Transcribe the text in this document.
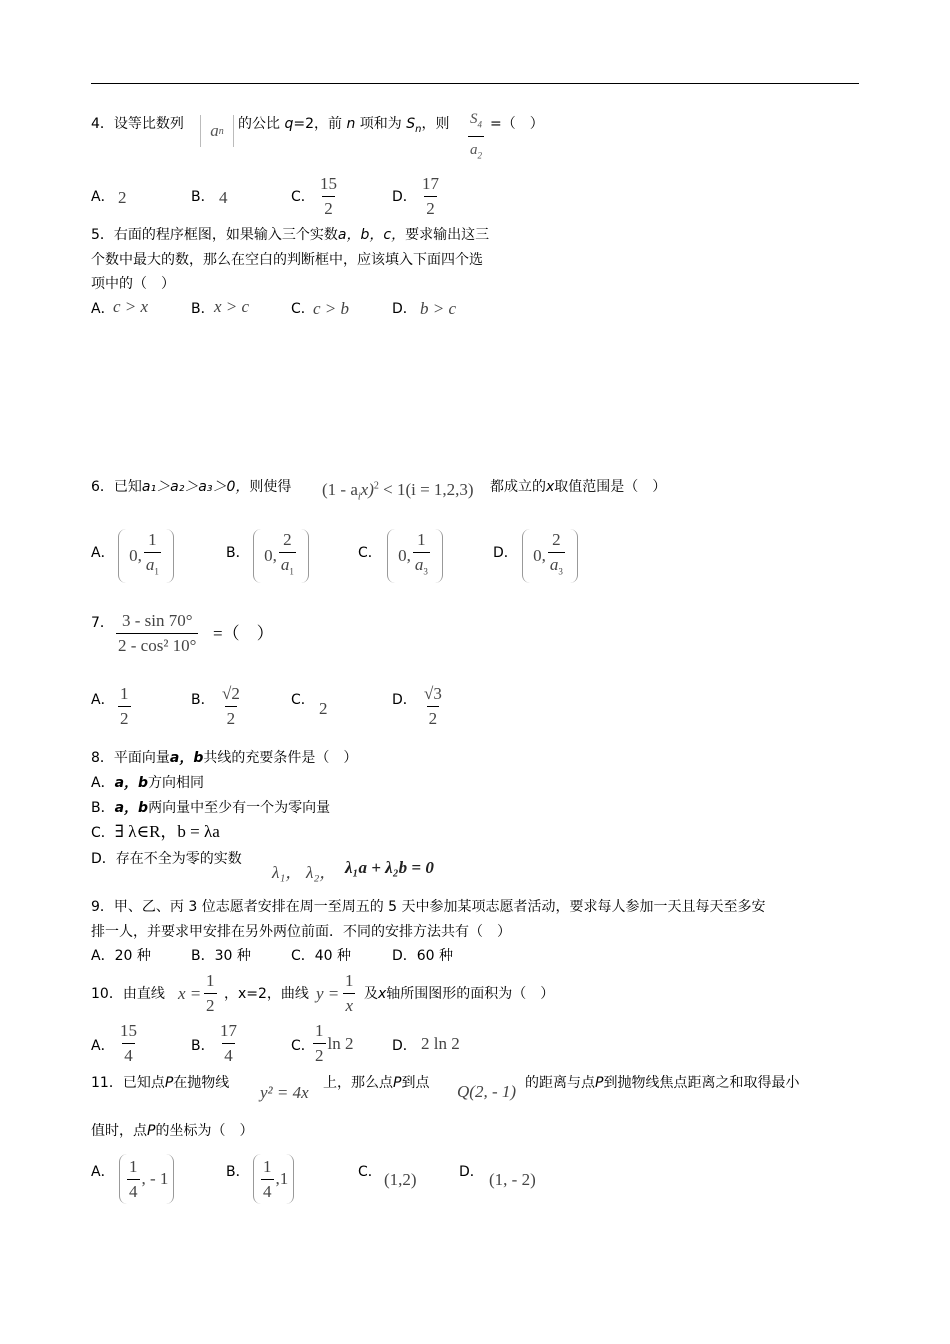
4．设等比数列 a n 的公比 q=2，前 n 项和为 $S_n$，则 $\frac{S_4}{a_2}$ =（　）
A． 2	B． 4	C． $\frac{15}{2}$	D． $\frac{17}{2}$
5．右面的程序框图，如果输入三个实数a，b，c，要求输出这三
个数中最大的数，那么在空白的判断框中，应该填入下面四个选
项中的（　）
A．
c > x	B． x > c	C．
c > b	D． b > c
6．已知a₁＞a₂＞a₃＞0，则使得 $(1 - a_ix)^2 < 1(i = 1,2,3)$ 都成立的x取值范围是（　）
A． 0, $\frac{1}{a_1}$	B． 0, $\frac{2}{a_1}$	C． 0, $\frac{1}{a_3}$	D． 0, $\frac{2}{a_3}$
7． $\frac{3 - \sin 70^\circ}{\text{2 - cos² 10°}}$ =（　）
A． $\frac{1}{2}$	B． $\frac{√2}{2}$	C． 2	D． $\frac{√3}{2}$
8．平面向量a，b共线的充要条件是（　）
A．a，b方向相同
B．a，b两向量中至少有一个为零向量
C．∃ λ∈R，b = λa
D．存在不全为零的实数
λ₁， λ₂， λ₁a + λ₂b = 0
9．甲、乙、丙 3 位志愿者安排在周一至周五的 5 天中参加某项志愿者活动，要求每人参加一天且每天至多安
排一人，并要求甲安排在另外两位前面．不同的安排方法共有（　）
A．20 种	B．30 种	C．40 种	D．60 种
10．由直线 $x = \frac{1}{2}$ ，x=2，曲线 $y = \frac{1}{x}$ 及x轴所围图形的面积为（　）
A． $\frac{15}{4}$	B． $\frac{17}{4}$	C．
$\frac{1}{2}$ ln 2	D． 2 ln 2
11．已知点P在抛物线 y² = 4x 上，那么点P到点 Q(2, - 1) 的距离与点P到抛物线焦点距离之和取得最小
值时，点P的坐标为（　）
A． $\frac{1}{4}$ , - 1	B． $\frac{1}{4} ,1$	C． (1,2)	D． (1, - 2)
